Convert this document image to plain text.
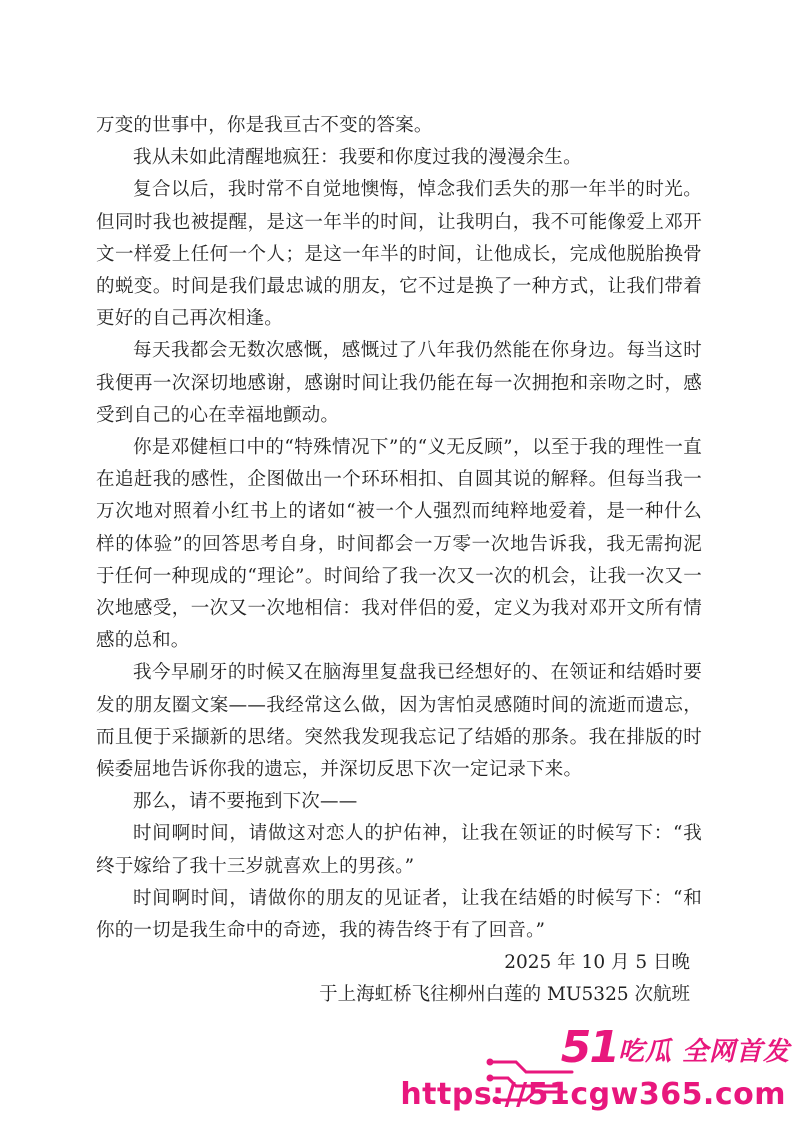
万变的世事中，你是我亘古不变的答案。

我从未如此清醒地疯狂：我要和你度过我的漫漫余生。

复合以后，我时常不自觉地懊悔，悼念我们丢失的那一年半的时光。但同时我也被提醒，是这一年半的时间，让我明白，我不可能像爱上邓开文一样爱上任何一个人；是这一年半的时间，让他成长，完成他脱胎换骨的蜕变。时间是我们最忠诚的朋友，它不过是换了一种方式，让我们带着更好的自己再次相逢。

每天我都会无数次感慨，感慨过了八年我仍然能在你身边。每当这时我便再一次深切地感谢，感谢时间让我仍能在每一次拥抱和亲吻之时，感受到自己的心在幸福地颤动。

你是邓健桓口中的“特殊情况下”的“义无反顾”，以至于我的理性一直在追赶我的感性，企图做出一个环环相扣、自圆其说的解释。但每当我一万次地对照着小红书上的诸如“被一个人强烈而纯粹地爱着，是一种什么样的体验”的回答思考自身，时间都会一万零一次地告诉我，我无需拘泥于任何一种现成的“理论”。时间给了我一次又一次的机会，让我一次又一次地感受，一次又一次地相信：我对伴侣的爱，定义为我对邓开文所有情感的总和。

我今早刷牙的时候又在脑海里复盘我已经想好的、在领证和结婚时要发的朋友圈文案——我经常这么做，因为害怕灵感随时间的流逝而遗忘，而且便于采撷新的思绪。突然我发现我忘记了结婚的那条。我在排版的时候委屈地告诉你我的遗忘，并深切反思下次一定记录下来。

那么，请不要拖到下次——

时间啊时间，请做这对恋人的护佑神，让我在领证的时候写下：“我终于嫁给了我十三岁就喜欢上的男孩。”

时间啊时间，请做你的朋友的见证者，让我在结婚的时候写下：“和你的一切是我生命中的奇迹，我的祷告终于有了回音。”

2025 年 10 月 5 日晚

于上海虹桥飞往柳州白莲的 MU5325 次航班

51吃瓜 全网首发
https://51cgw365.com
